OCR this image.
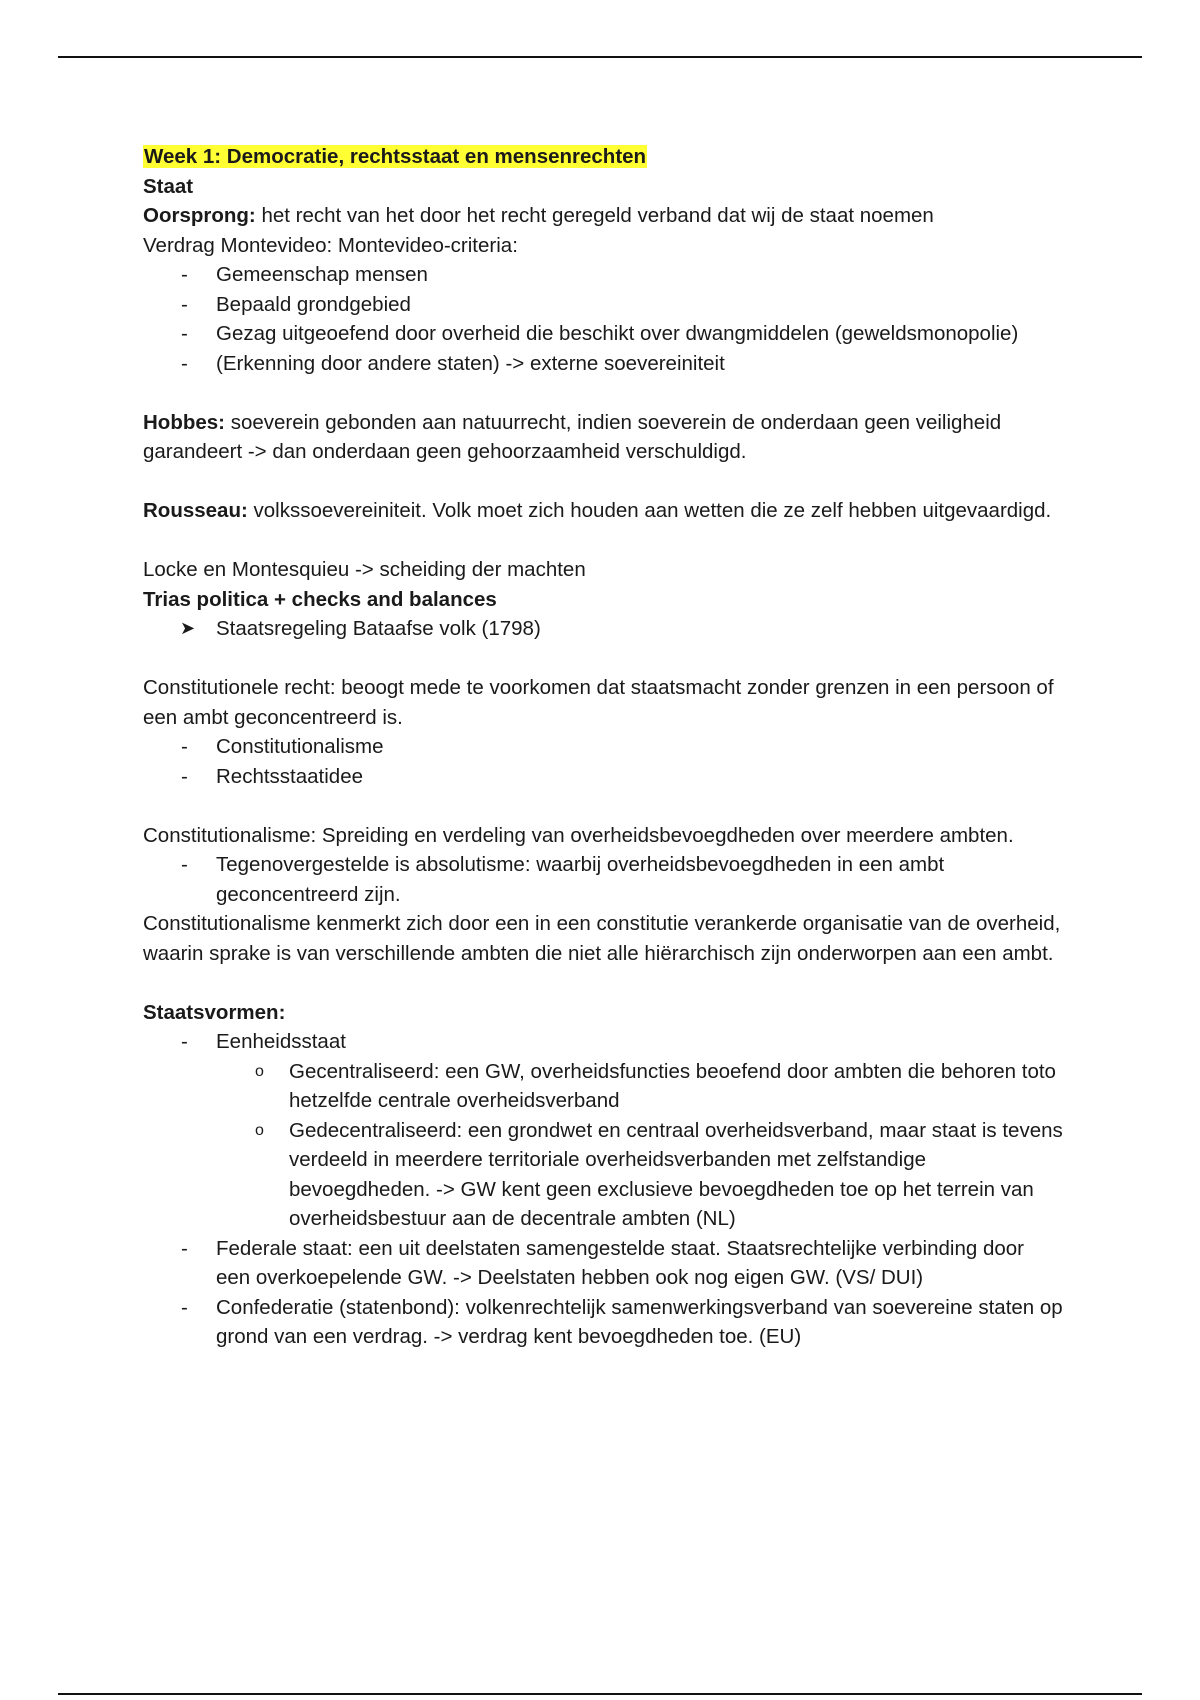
Week 1: Democratie, rechtsstaat en mensenrechten

Staat

Oorsprong: het recht van het door het recht geregeld verband dat wij de staat noemen

Verdrag Montevideo: Montevideo-criteria:

- Gemeenschap mensen
- Bepaald grondgebied
- Gezag uitgeoefend door overheid die beschikt over dwangmiddelen (geweldsmonopolie)
- (Erkenning door andere staten) -> externe soevereiniteit

Hobbes: soeverein gebonden aan natuurrecht, indien soeverein de onderdaan geen veiligheid garandeert -> dan onderdaan geen gehoorzaamheid verschuldigd.

Rousseau: volkssoevereiniteit. Volk moet zich houden aan wetten die ze zelf hebben uitgevaardigd.

Locke en Montesquieu -> scheiding der machten

Trias politica + checks and balances

➤ Staatsregeling Bataafse volk (1798)

Constitutionele recht: beoogt mede te voorkomen dat staatsmacht zonder grenzen in een persoon of een ambt geconcentreerd is.

- Constitutionalisme
- Rechtsstaatidee

Constitutionalisme: Spreiding en verdeling van overheidsbevoegdheden over meerdere ambten.

- Tegenovergestelde is absolutisme: waarbij overheidsbevoegdheden in een ambt geconcentreerd zijn.

Constitutionalisme kenmerkt zich door een in een constitutie verankerde organisatie van de overheid, waarin sprake is van verschillende ambten die niet alle hiërarchisch zijn onderworpen aan een ambt.

Staatsvormen:

- Eenheidsstaat
o Gecentraliseerd: een GW, overheidsfuncties beoefend door ambten die behoren toto hetzelfde centrale overheidsverband
o Gedecentraliseerd: een grondwet en centraal overheidsverband, maar staat is tevens verdeeld in meerdere territoriale overheidsverbanden met zelfstandige bevoegdheden. -> GW kent geen exclusieve bevoegdheden toe op het terrein van overheidsbestuur aan de decentrale ambten (NL)
- Federale staat: een uit deelstaten samengestelde staat. Staatsrechtelijke verbinding door een overkoepelende GW. -> Deelstaten hebben ook nog eigen GW. (VS/ DUI)
- Confederatie (statenbond): volkenrechtelijk samenwerkingsverband van soevereine staten op grond van een verdrag. -> verdrag kent bevoegdheden toe. (EU)
